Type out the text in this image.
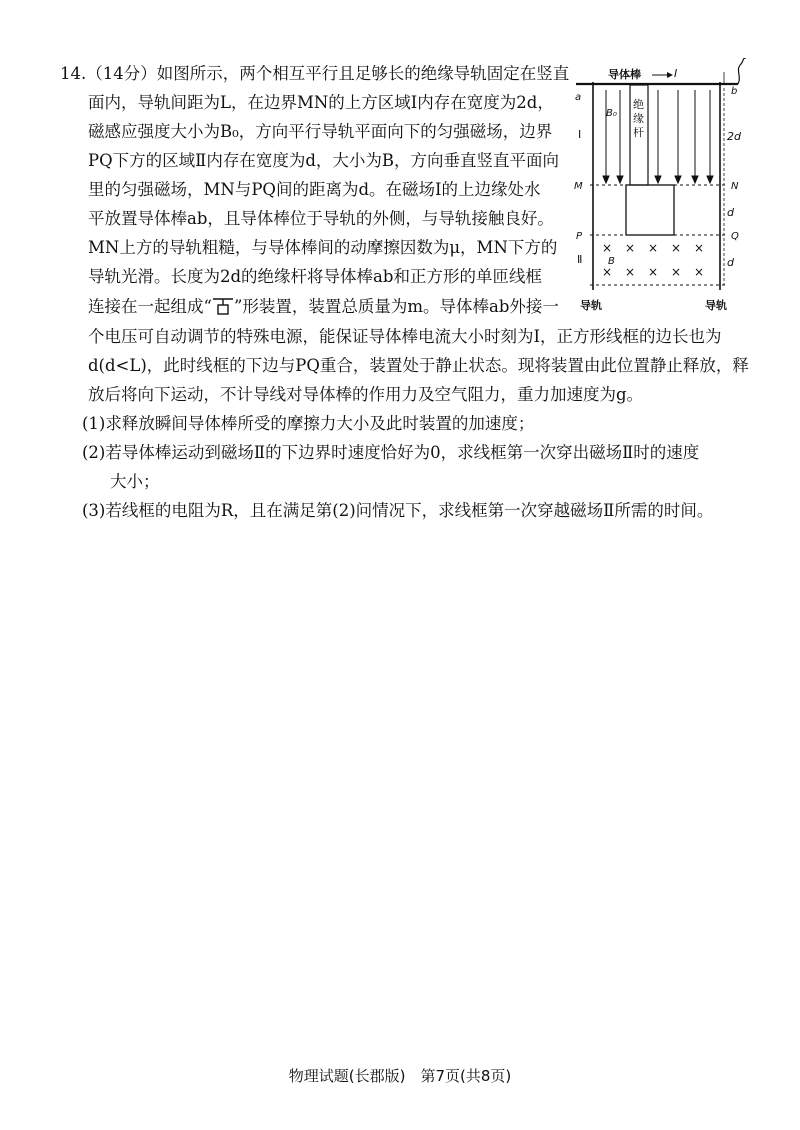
14.（14分）如图所示，两个相互平行且足够长的绝缘导轨固定在竖直
面内，导轨间距为L，在边界MN的上方区域Ⅰ内存在宽度为2d，
磁感应强度大小为B₀，方向平行导轨平面向下的匀强磁场，边界
PQ下方的区域Ⅱ内存在宽度为d，大小为B，方向垂直竖直平面向
里的匀强磁场，MN与PQ间的距离为d。在磁场Ⅰ的上边缘处水
平放置导体棒ab，且导体棒位于导轨的外侧，与导轨接触良好。
MN上方的导轨粗糙，与导体棒间的动摩擦因数为μ，MN下方的
导轨光滑。长度为2d的绝缘杆将导体棒ab和正方形的单匝线框
连接在一起组成“ ”形装置，装置总质量为m。导体棒ab外接一
个电压可自动调节的特殊电源，能保证导体棒电流大小时刻为I，正方形线框的边长也为
d(d<L)，此时线框的下边与PQ重合，装置处于静止状态。现将装置由此位置静止释放，释
放后将向下运动，不计导线对导体棒的作用力及空气阻力，重力加速度为g。
(1)求释放瞬间导体棒所受的摩擦力大小及此时装置的加速度；
(2)若导体棒运动到磁场Ⅱ的下边界时速度恰好为0，求线框第一次穿出磁场Ⅱ时的速度
大小；
(3)若线框的电阻为R，且在满足第(2)问情况下，求线框第一次穿越磁场Ⅱ所需的时间。
导体棒	I
a
b
Ⅰ
B₀
绝
缘
杆	2d
M	N
d
P	Q
× × × × ×
× × × × ×
Ⅱ	B	d
导轨	导轨
物理试题(长郡版)　第7页(共8页)
